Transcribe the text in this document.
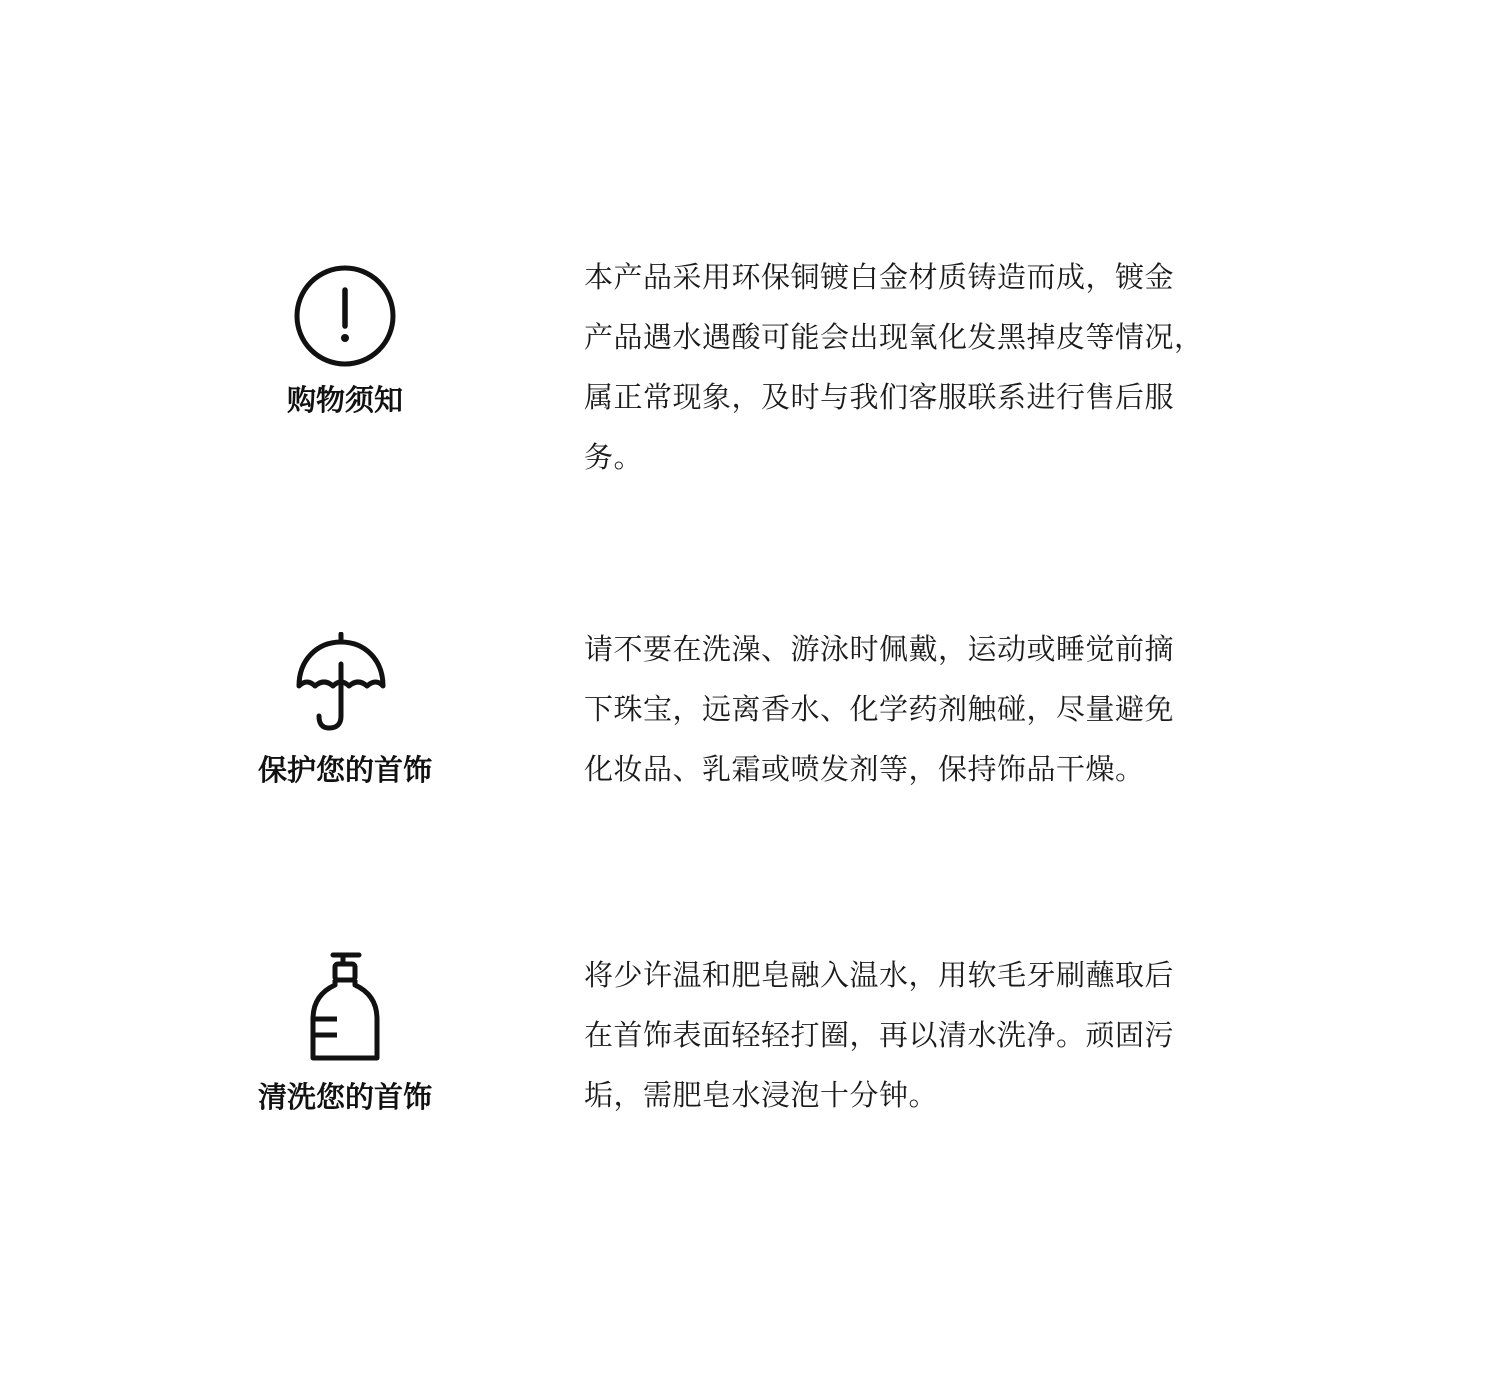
购物须知

本产品采用环保铜镀白金材质铸造而成，镀金
产品遇水遇酸可能会出现氧化发黑掉皮等情况，
属正常现象，及时与我们客服联系进行售后服
务。

保护您的首饰

请不要在洗澡、游泳时佩戴，运动或睡觉前摘
下珠宝，远离香水、化学药剂触碰，尽量避免
化妆品、乳霜或喷发剂等，保持饰品干燥。

清洗您的首饰

将少许温和肥皂融入温水，用软毛牙刷蘸取后
在首饰表面轻轻打圈，再以清水洗净。顽固污
垢，需肥皂水浸泡十分钟。
